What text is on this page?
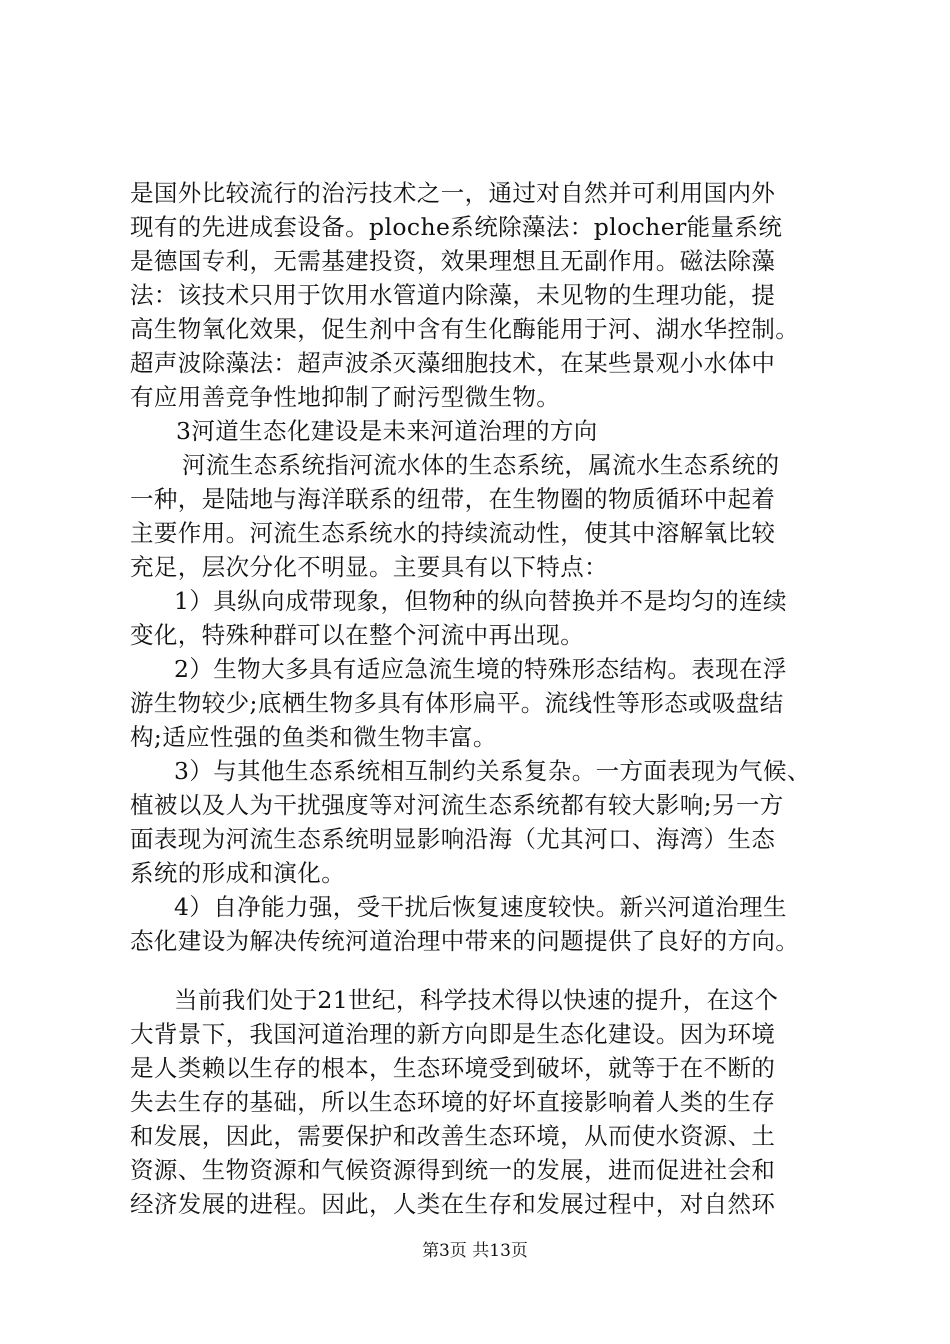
是国外比较流行的治污技术之一，通过对自然并可利用国内外
现有的先进成套设备。ploche系统除藻法：plocher能量系统
是德国专利，无需基建投资，效果理想且无副作用。磁法除藻
法：该技术只用于饮用水管道内除藻，未见物的生理功能，提
高生物氧化效果，促生剂中含有生化酶能用于河、湖水华控制。
超声波除藻法：超声波杀灭藻细胞技术，在某些景观小水体中
有应用善竞争性地抑制了耐污型微生物。
3河道生态化建设是未来河道治理的方向
河流生态系统指河流水体的生态系统，属流水生态系统的
一种，是陆地与海洋联系的纽带，在生物圈的物质循环中起着
主要作用。河流生态系统水的持续流动性，使其中溶解氧比较
充足，层次分化不明显。主要具有以下特点：
1）具纵向成带现象，但物种的纵向替换并不是均匀的连续
变化，特殊种群可以在整个河流中再出现。
2）生物大多具有适应急流生境的特殊形态结构。表现在浮
游生物较少;底栖生物多具有体形扁平。流线性等形态或吸盘结
构;适应性强的鱼类和微生物丰富。
3）与其他生态系统相互制约关系复杂。一方面表现为气候、
植被以及人为干扰强度等对河流生态系统都有较大影响;另一方
面表现为河流生态系统明显影响沿海（尤其河口、海湾）生态
系统的形成和演化。
4）自净能力强，受干扰后恢复速度较快。新兴河道治理生
态化建设为解决传统河道治理中带来的问题提供了良好的方向。
当前我们处于21世纪，科学技术得以快速的提升，在这个
大背景下，我国河道治理的新方向即是生态化建设。因为环境
是人类赖以生存的根本，生态环境受到破坏，就等于在不断的
失去生存的基础，所以生态环境的好坏直接影响着人类的生存
和发展，因此，需要保护和改善生态环境，从而使水资源、土
资源、生物资源和气候资源得到统一的发展，进而促进社会和
经济发展的进程。因此，人类在生存和发展过程中，对自然环
第3页 共13页
